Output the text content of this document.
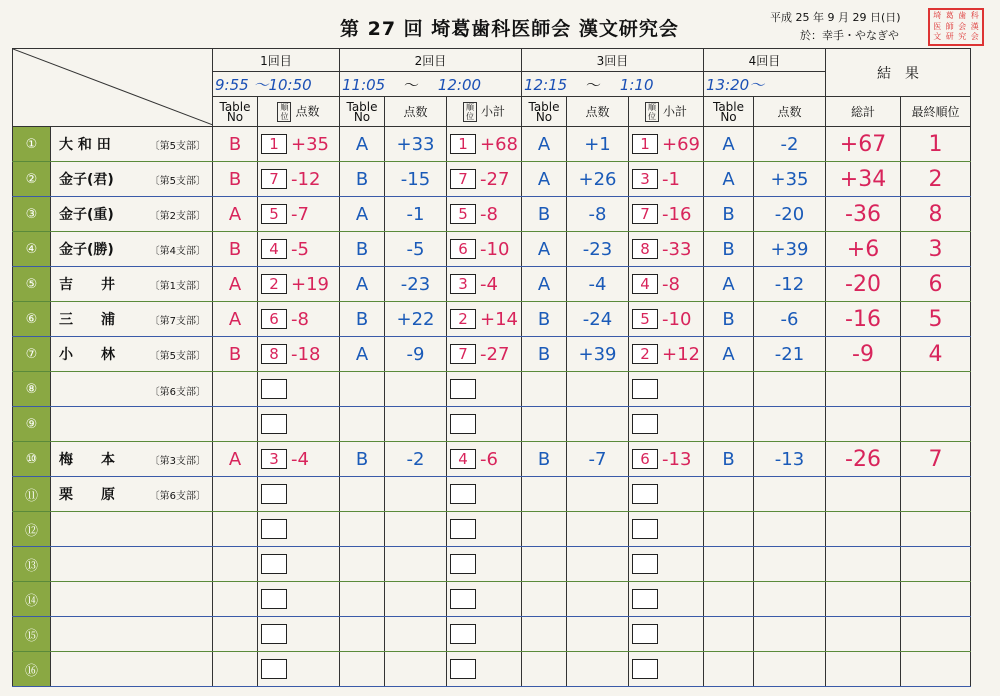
第 27 回 埼葛歯科医師会 漢文研究会
平成 25 年 9 月 29 日(日)
於：幸手・やなぎや
埼 葛 歯 科
医 師 会 漢
文 研 究 会
	1回目		2回目			3回目			4回目		結　果	
		9:55 ～10:50		11:05 ～ 12:00			12:15 ～ 1:10			13:20～			
		Table No	順位 点数	Table No	点数	順位 小計	Table No	点数	順位 小計	Table No	点数	総計	最終順位
①	大 和 田 〔第5支部〕	B	1 +35	A	+33	1 +68	A	+1	1 +69	A	-2	+67	1
②	金子(君) 〔第5支部〕	B	7 -12	B	-15	7 -27	A	+26	3 -1	A	+35	+34	2
③	金子(重) 〔第2支部〕	A	5 -7	A	-1	5 -8	B	-8	7 -16	B	-20	-36	8
④	金子(勝) 〔第4支部〕	B	4 -5	B	-5	6 -10	A	-23	8 -33	B	+39	+6	3
⑤	吉　　井 〔第1支部〕	A	2 +19	A	-23	3 -4	A	-4	4 -8	A	-12	-20	6
⑥	三　　浦 〔第7支部〕	A	6 -8	B	+22	2 +14	B	-24	5 -10	B	-6	-16	5
⑦	小　　林 〔第5支部〕	B	8 -18	A	-9	7 -27	B	+39	2 +12	A	-21	-9	4
⑧	〔第6支部〕												

⑨	

⑩	梅　　本 〔第3支部〕	A	3 -4	B	-2	4 -6	B	-7	6 -13	B	-13	-26	7
⑪	栗　　原 〔第6支部〕												

⑫	

⑬	

⑭	

⑮	

⑯	
